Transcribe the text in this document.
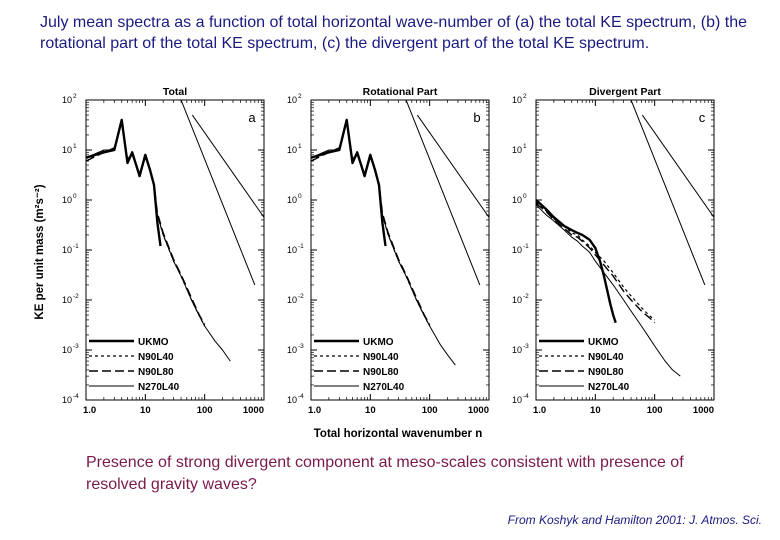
July mean spectra as a function of total horizontal wave-number of (a) the total KE spectrum, (b) the rotational part of the total KE spectrum, (c) the divergent part of the total KE spectrum.
KE per unit mass (m²s⁻²)
Total horizontal wavenumber n
10 2
10 1
10 0
10 -1
10 -2
10 -3
10 -4
1.0	10	100	1000
Total
a
UKMO
N90L40
N90L80
N270L40
10 2
10 1
10 0
10 -1
10 -2
10 -3
10 -4
1.0	10	100	1000
Rotational Part
b
UKMO
N90L40
N90L80
N270L40
10 2
10 1
10 0
10 -1
10 -2
10 -3
10 -4
1.0	10	100	1000
Divergent Part
c
UKMO
N90L40
N90L80
N270L40
Presence of strong divergent component at meso-scales consistent with presence of resolved gravity waves?
From Koshyk and Hamilton 2001: J. Atmos. Sci.
